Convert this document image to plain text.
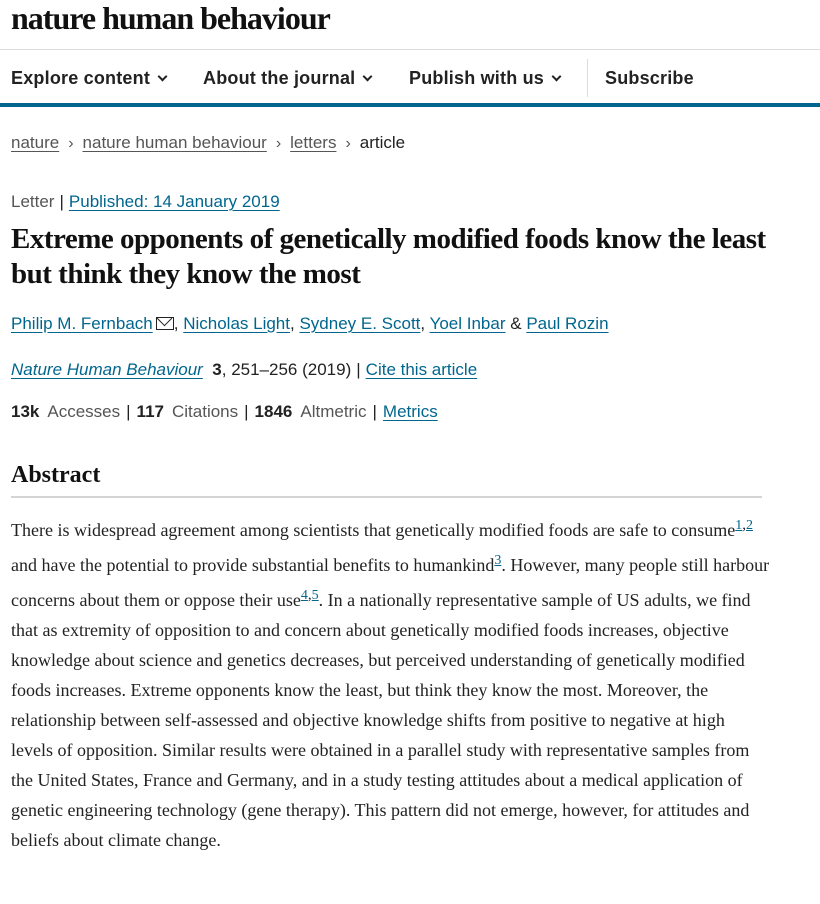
nature human behaviour
Explore content	About the journal	Publish with us	Subscribe
nature › nature human behaviour › letters › article
Letter | Published: 14 January 2019
Extreme opponents of genetically modified foods know the least but think they know the most
Philip M. Fernbach , Nicholas Light, Sydney E. Scott, Yoel Inbar & Paul Rozin
Nature Human Behaviour 3, 251–256 (2019) | Cite this article
13k Accesses | 117 Citations | 1846 Altmetric | Metrics
Abstract

There is widespread agreement among scientists that genetically modified foods are safe to consume$^{1,2}$ and have the potential to provide substantial benefits to humankind$^3$. However, many people still harbour concerns about them or oppose their use$^{4,5}$. In a nationally representative sample of US adults, we find that as extremity of opposition to and concern about genetically modified foods increases, objective knowledge about science and genetics decreases, but perceived understanding of genetically modified foods increases. Extreme opponents know the least, but think they know the most. Moreover, the relationship between self-assessed and objective knowledge shifts from positive to negative at high levels of opposition. Similar results were obtained in a parallel study with representative samples from the United States, France and Germany, and in a study testing attitudes about a medical application of genetic engineering technology (gene therapy). This pattern did not emerge, however, for attitudes and beliefs about climate change.
